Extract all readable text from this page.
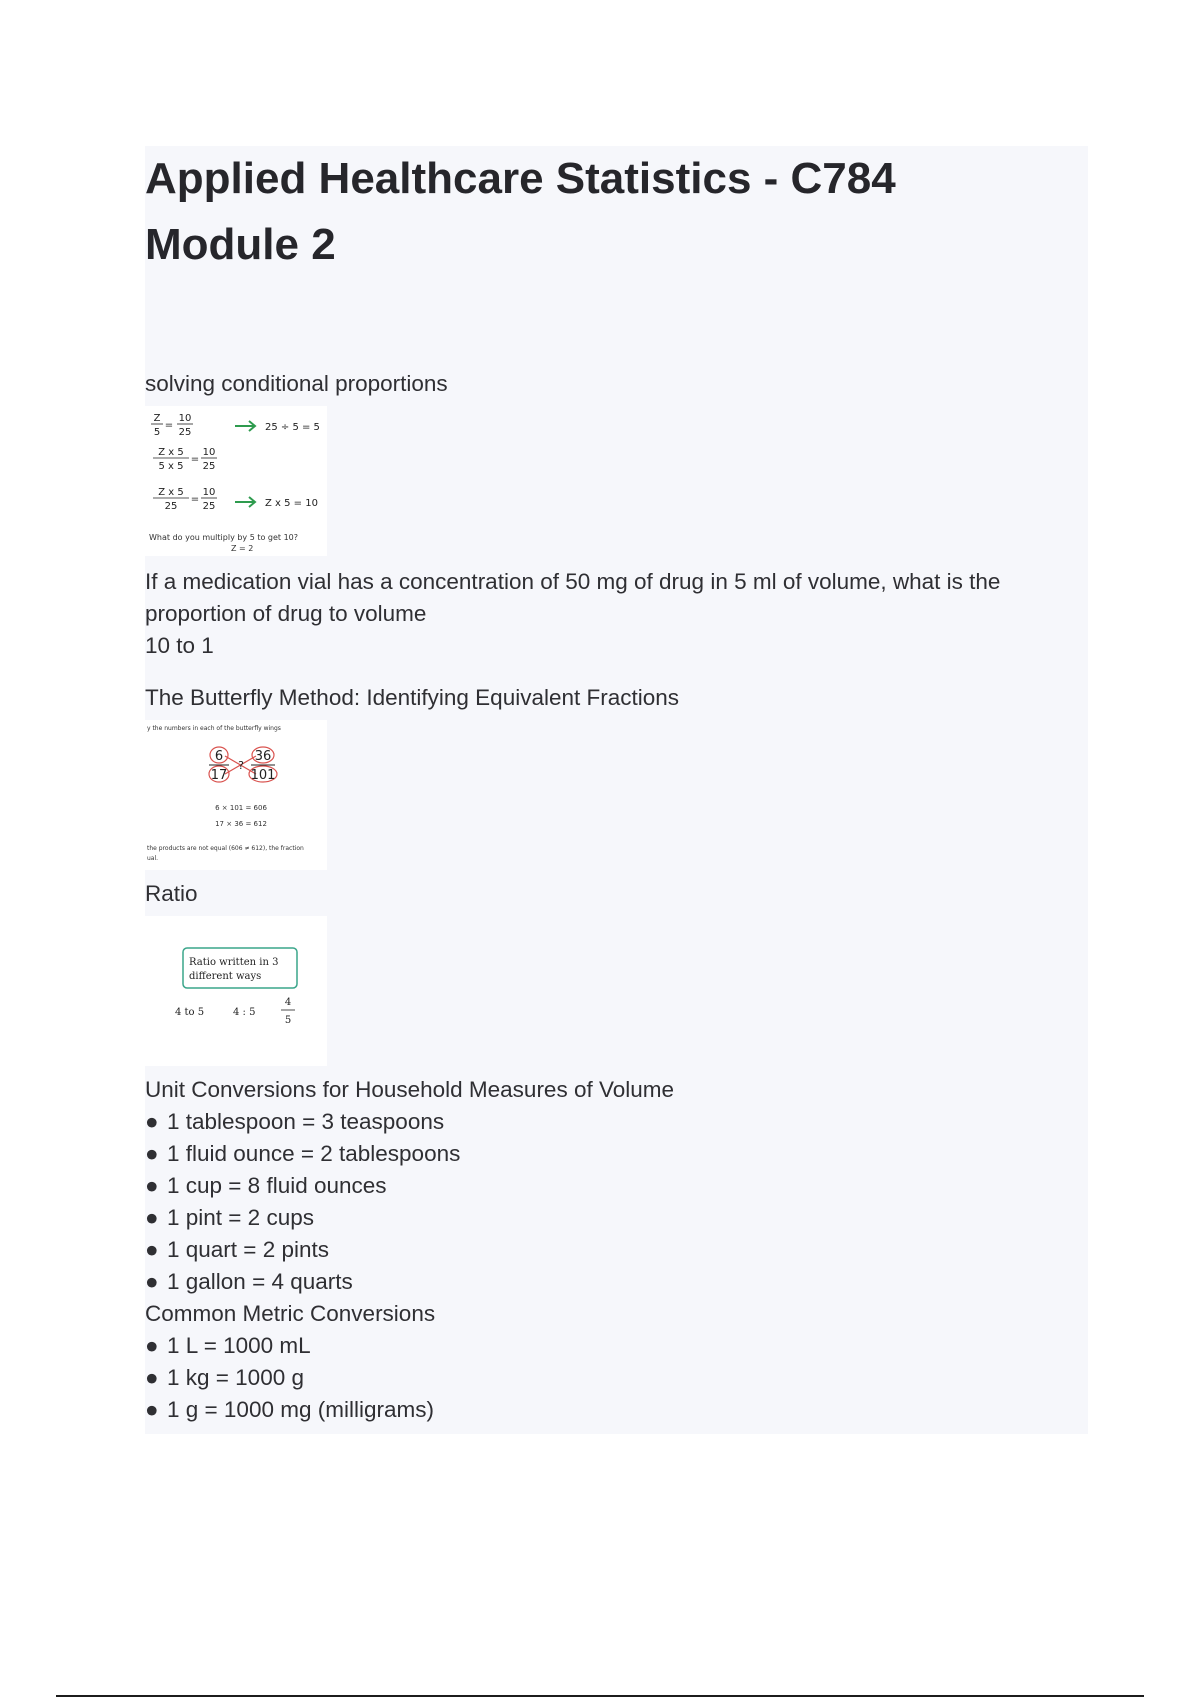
Applied Healthcare Statistics - C784
Module 2

solving conditional proportions

Z
5
=
10
25
Z x 5
5 x 5
=
10
25
Z x 5
25
=
10
25
25 ÷ 5 = 5
Z x 5 = 10
What do you multiply by 5 to get 10?
Z = 2

If a medication vial has a concentration of 50 mg of drug in 5 ml of volume, what is the proportion of drug to volume

10 to 1

The Butterfly Method: Identifying Equivalent Fractions

y the numbers in each of the butterfly wings
6
17
?
36
101
6 × 101 = 606
17 × 36 = 612
the products are not equal (606 ≠ 612), the fraction
ual.

Ratio

Ratio written in 3
different ways
4 to 5	4 : 5
4
5

Unit Conversions for Household Measures of Volume

● 1 tablespoon = 3 teaspoons
● 1 fluid ounce = 2 tablespoons
● 1 cup = 8 fluid ounces
● 1 pint = 2 cups
● 1 quart = 2 pints
● 1 gallon = 4 quarts

Common Metric Conversions

● 1 L = 1000 mL
● 1 kg = 1000 g
● 1 g = 1000 mg (milligrams)
